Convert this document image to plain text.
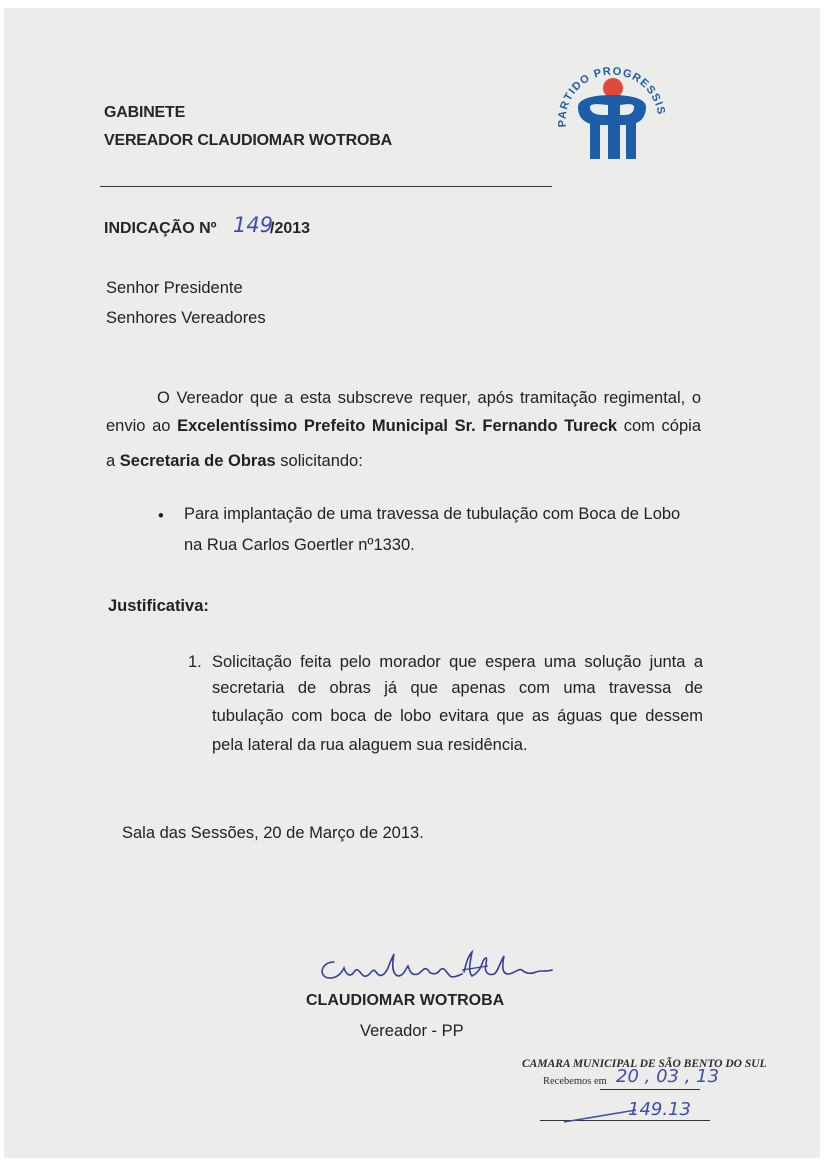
GABINETE
VEREADOR CLAUDIOMAR WOTROBA
PARTIDO PROGRESSIS
INDICAÇÃO Nº 149
/2013
Senhor Presidente
Senhores Vereadores
O Vereador que a esta subscreve requer, após tramitação regimental, o
envio ao Excelentíssimo Prefeito Municipal Sr. Fernando Tureck com cópia
a Secretaria de Obras solicitando:
• Para implantação de uma travessa de tubulação com Boca de Lobo
na Rua Carlos Goertler nº1330.
Justificativa:
1. Solicitação feita pelo morador que espera uma solução junta a
secretaria de obras já que apenas com uma travessa de
tubulação com boca de lobo evitara que as águas que dessem
pela lateral da rua alaguem sua residência.
Sala das Sessões, 20 de Março de 2013.
CLAUDIOMAR WOTROBA
Vereador - PP
CAMARA MUNICIPAL DE SÃO BENTO DO SUL
Recebemos em 20 , 03 , 13
149.13
